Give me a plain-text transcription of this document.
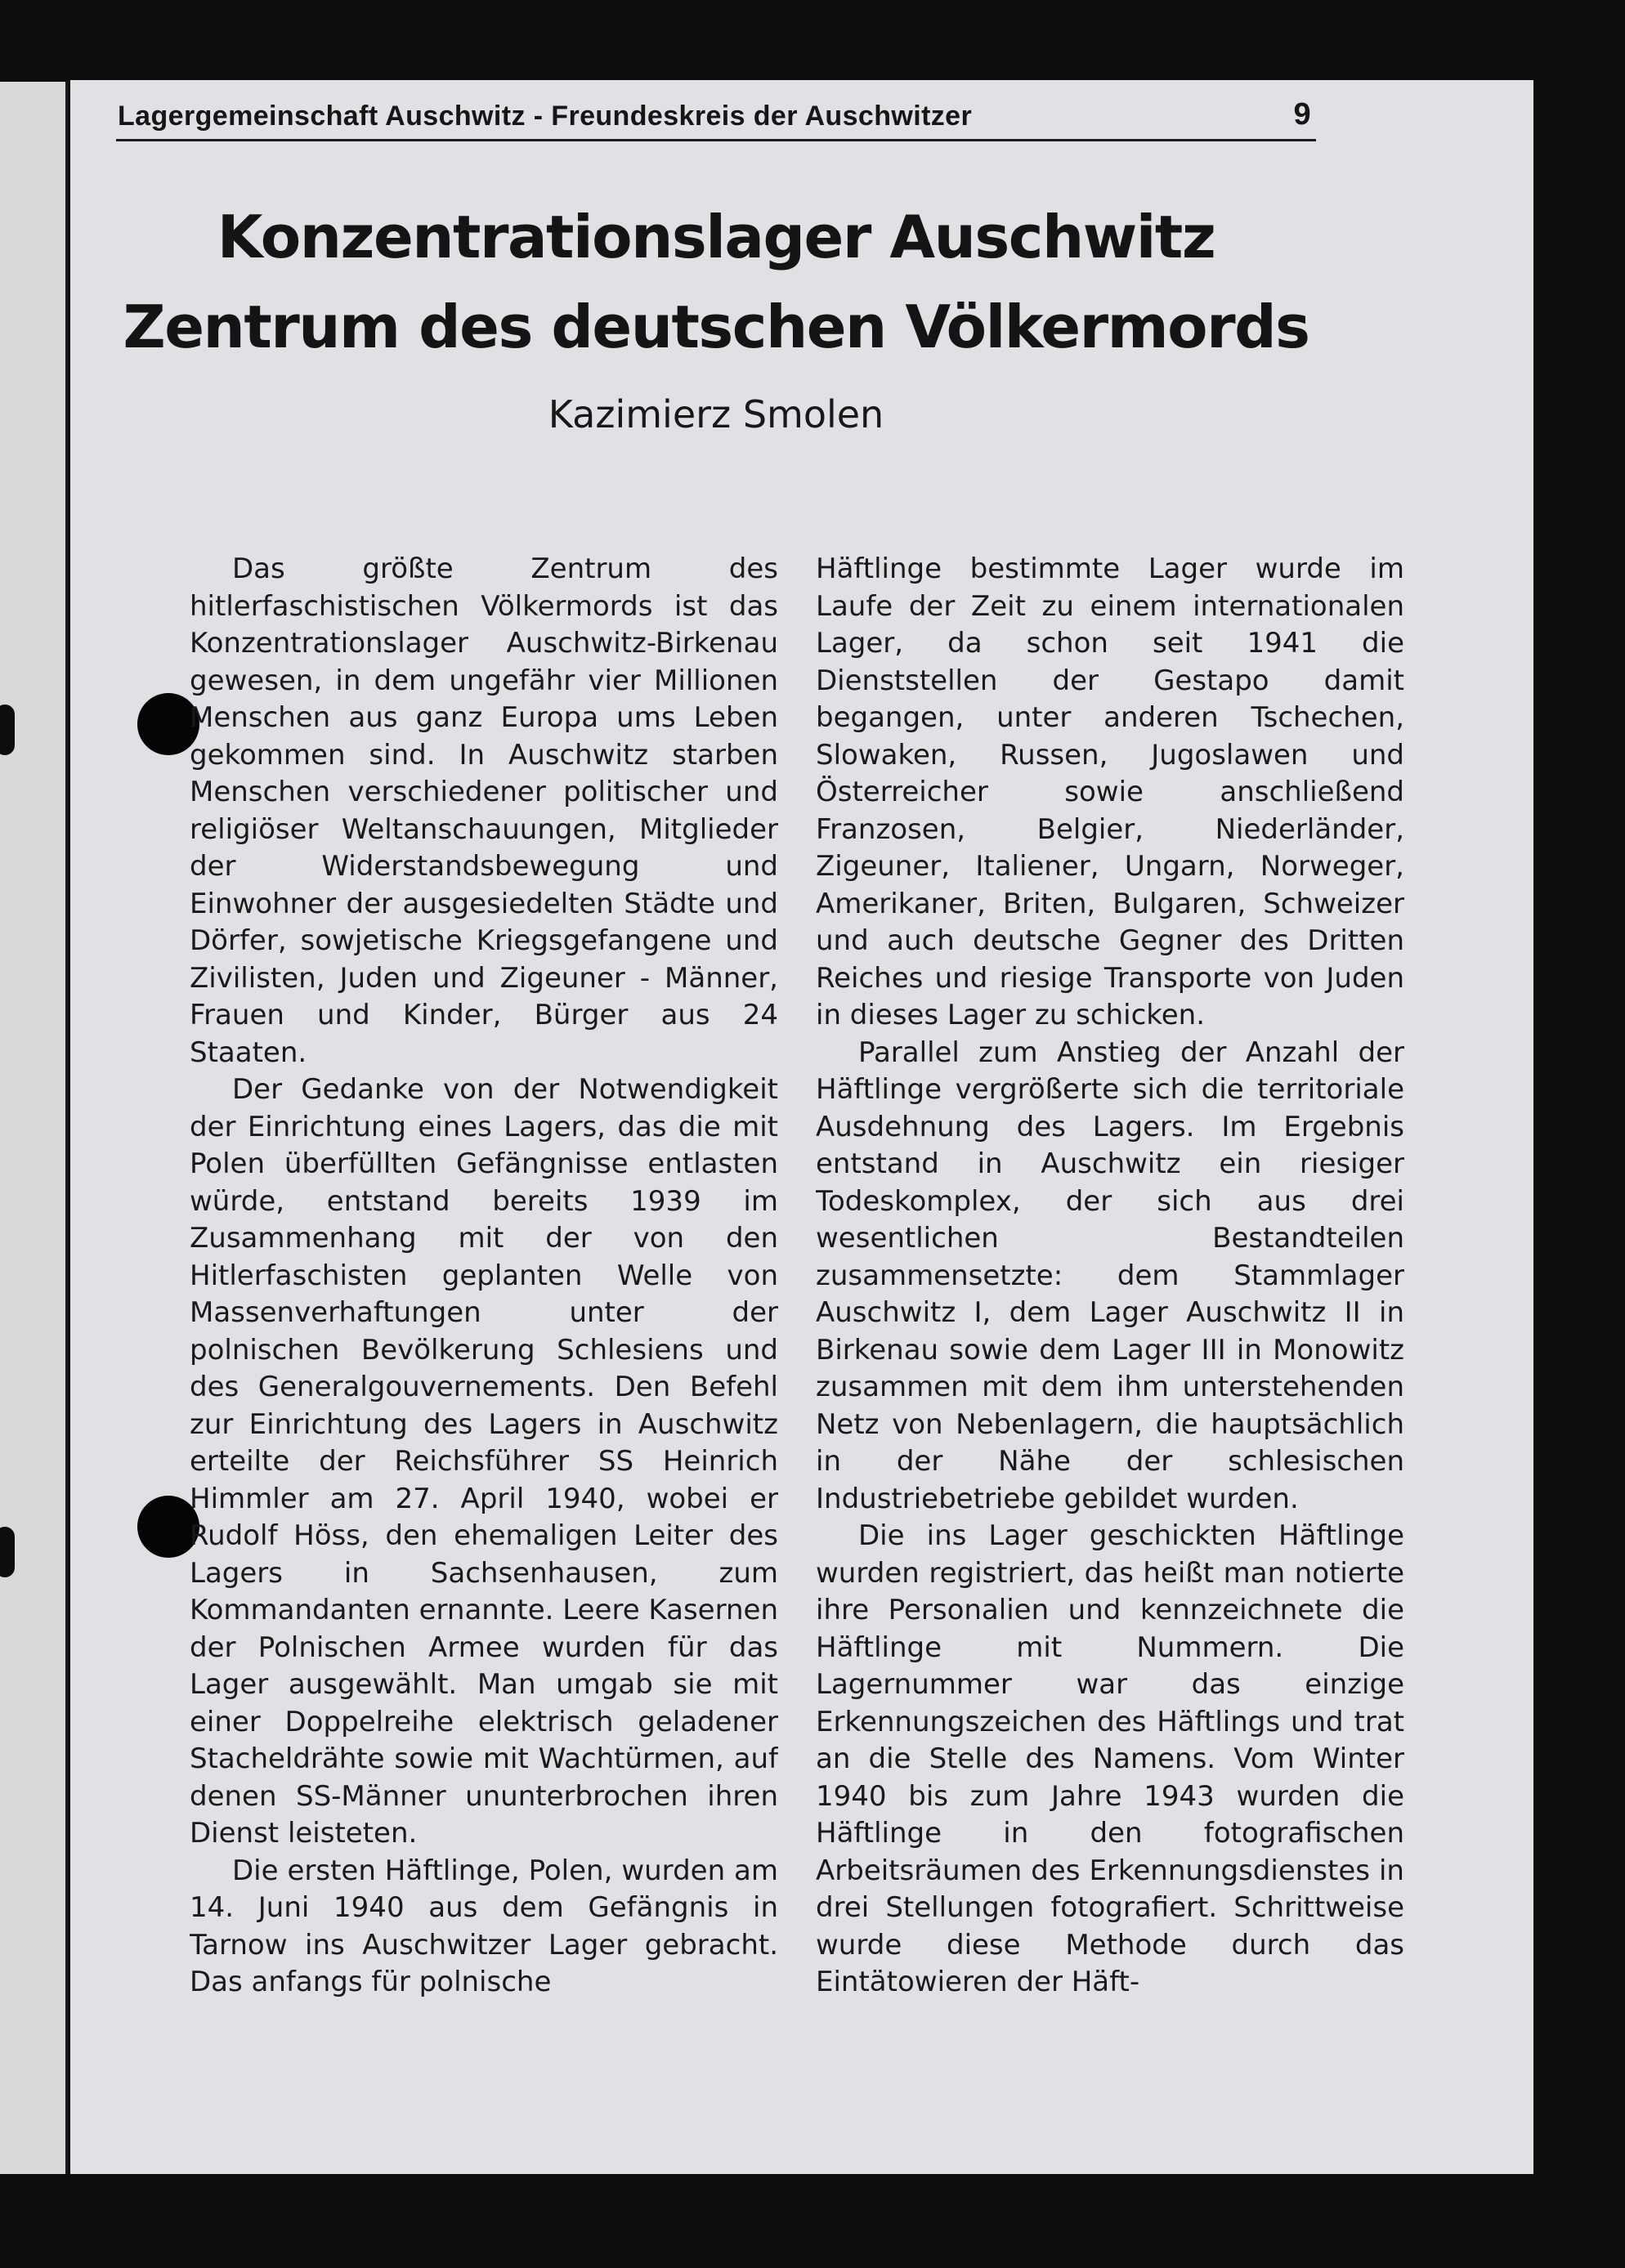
Lagergemeinschaft Auschwitz - Freundeskreis der Auschwitzer	9
Konzentrationslager Auschwitz
Zentrum des deutschen Völkermords
Kazimierz Smolen

Das größte Zentrum des hitlerfaschistischen Völkermords ist das Konzentrationslager Auschwitz-Birkenau gewesen, in dem ungefähr vier Millionen Menschen aus ganz Europa ums Leben gekommen sind. In Auschwitz starben Menschen verschiedener politischer und religiöser Weltanschauungen, Mitglieder der Widerstandsbewegung und Einwohner der ausgesiedelten Städte und Dörfer, sowjetische Kriegsgefangene und Zivilisten, Juden und Zigeuner - Männer, Frauen und Kinder, Bürger aus 24 Staaten.

Der Gedanke von der Notwendigkeit der Einrichtung eines Lagers, das die mit Polen überfüllten Gefängnisse entlasten würde, entstand bereits 1939 im Zusammenhang mit der von den Hitlerfaschisten geplanten Welle von Massenverhaftungen unter der polnischen Bevölkerung Schlesiens und des Generalgouvernements. Den Befehl zur Einrichtung des Lagers in Auschwitz erteilte der Reichsführer SS Heinrich Himmler am 27. April 1940, wobei er Rudolf Höss, den ehemaligen Leiter des Lagers in Sachsenhausen, zum Kommandanten ernannte. Leere Kasernen der Polnischen Armee wurden für das Lager ausgewählt. Man umgab sie mit einer Doppelreihe elektrisch geladener Stacheldrähte sowie mit Wachtürmen, auf denen SS-Männer ununterbrochen ihren Dienst leisteten.

Die ersten Häftlinge, Polen, wurden am 14. Juni 1940 aus dem Gefängnis in Tarnow ins Auschwitzer Lager gebracht. Das anfangs für polnische

Häftlinge bestimmte Lager wurde im Laufe der Zeit zu einem internationalen Lager, da schon seit 1941 die Dienststellen der Gestapo damit begangen, unter anderen Tschechen, Slowaken, Russen, Jugoslawen und Österreicher sowie anschließend Franzosen, Belgier, Niederländer, Zigeuner, Italiener, Ungarn, Norweger, Amerikaner, Briten, Bulgaren, Schweizer und auch deutsche Gegner des Dritten Reiches und riesige Transporte von Juden in dieses Lager zu schicken.

Parallel zum Anstieg der Anzahl der Häftlinge vergrößerte sich die territoriale Ausdehnung des Lagers. Im Ergebnis entstand in Auschwitz ein riesiger Todeskomplex, der sich aus drei wesentlichen Bestandteilen zusammensetzte: dem Stammlager Auschwitz I, dem Lager Auschwitz II in Birkenau sowie dem Lager III in Monowitz zusammen mit dem ihm unterstehenden Netz von Nebenlagern, die hauptsächlich in der Nähe der schlesischen Industriebetriebe gebildet wurden.

Die ins Lager geschickten Häftlinge wurden registriert, das heißt man notierte ihre Personalien und kennzeichnete die Häftlinge mit Nummern. Die Lagernummer war das einzige Erkennungszeichen des Häftlings und trat an die Stelle des Namens. Vom Winter 1940 bis zum Jahre 1943 wurden die Häftlinge in den fotografischen Arbeitsräumen des Erkennungsdienstes in drei Stellungen fotografiert. Schrittweise wurde diese Methode durch das Eintätowieren der Häft-
